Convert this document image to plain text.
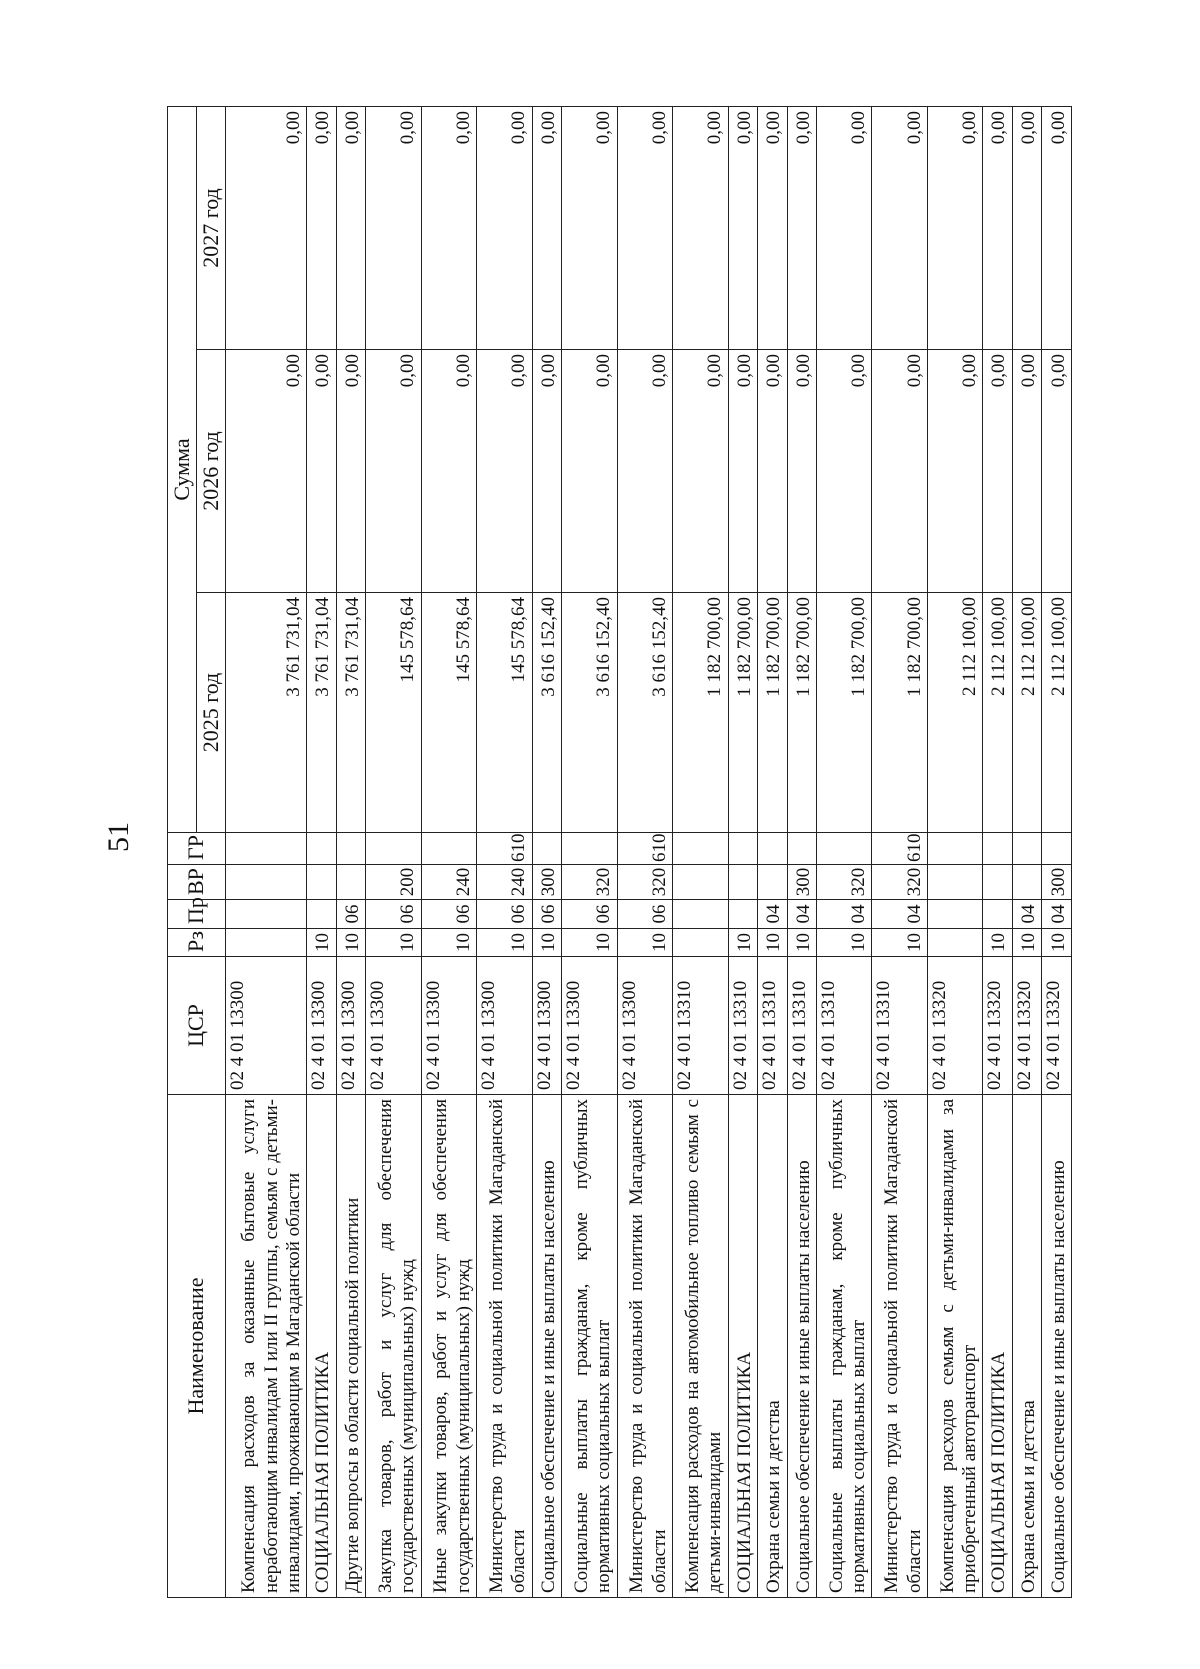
51
Наименование	ЦСР	Рз	Пр	ВР	ГР	Сумма		
						2025 год	2026 год	2027 год
Компенсация расходов за оказанные бытовые услуги неработающим инвалидам I или II группы, семьям с детьми-инвалидами, проживающим в Магаданской области	02 4 01 13300					3 761 731,04	0,00	0,00
СОЦИАЛЬНАЯ ПОЛИТИКА	02 4 01 13300	10				3 761 731,04	0,00	0,00
Другие вопросы в области социальной политики	02 4 01 13300	10	06			3 761 731,04	0,00	0,00
Закупка товаров, работ и услуг для обеспечения государственных (муниципальных) нужд	02 4 01 13300	10	06	200		145 578,64	0,00	0,00
Иные закупки товаров, работ и услуг для обеспечения государственных (муниципальных) нужд	02 4 01 13300	10	06	240		145 578,64	0,00	0,00
Министерство труда и социальной политики Магаданской области	02 4 01 13300	10	06	240	610	145 578,64	0,00	0,00
Социальное обеспечение и иные выплаты населению	02 4 01 13300	10	06	300		3 616 152,40	0,00	0,00
Социальные выплаты гражданам, кроме публичных нормативных социальных выплат	02 4 01 13300	10	06	320		3 616 152,40	0,00	0,00
Министерство труда и социальной политики Магаданской области	02 4 01 13300	10	06	320	610	3 616 152,40	0,00	0,00
Компенсация расходов на автомобильное топливо семьям с детьми-инвалидами	02 4 01 13310					1 182 700,00	0,00	0,00
СОЦИАЛЬНАЯ ПОЛИТИКА	02 4 01 13310	10				1 182 700,00	0,00	0,00
Охрана семьи и детства	02 4 01 13310	10	04			1 182 700,00	0,00	0,00
Социальное обеспечение и иные выплаты населению	02 4 01 13310	10	04	300		1 182 700,00	0,00	0,00
Социальные выплаты гражданам, кроме публичных нормативных социальных выплат	02 4 01 13310	10	04	320		1 182 700,00	0,00	0,00
Министерство труда и социальной политики Магаданской области	02 4 01 13310	10	04	320	610	1 182 700,00	0,00	0,00
Компенсация расходов семьям с детьми-инвалидами за приобретенный автотранспорт	02 4 01 13320					2 112 100,00	0,00	0,00
СОЦИАЛЬНАЯ ПОЛИТИКА	02 4 01 13320	10				2 112 100,00	0,00	0,00
Охрана семьи и детства	02 4 01 13320	10	04			2 112 100,00	0,00	0,00
Социальное обеспечение и иные выплаты населению	02 4 01 13320	10	04	300		2 112 100,00	0,00	0,00
